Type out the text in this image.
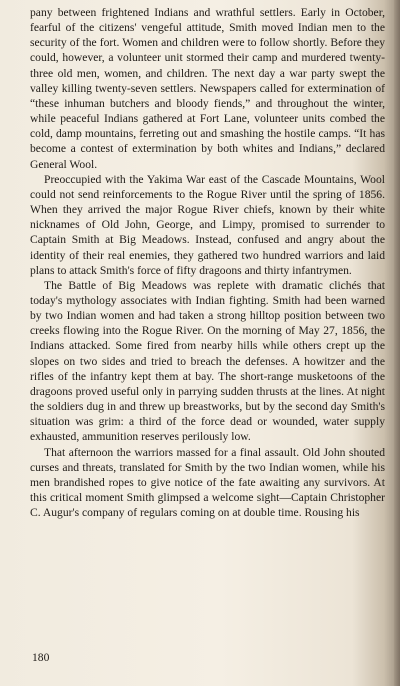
pany between frightened Indians and wrathful settlers. Early in October, fearful of the citizens' vengeful attitude, Smith moved Indian men to the security of the fort. Women and children were to follow shortly. Before they could, however, a volunteer unit stormed their camp and murdered twenty-three old men, women, and children. The next day a war party swept the valley killing twenty-seven settlers. Newspapers called for extermination of “these inhuman butchers and bloody fiends,” and throughout the winter, while peaceful Indians gathered at Fort Lane, volunteer units combed the cold, damp mountains, ferreting out and smashing the hostile camps. “It has become a contest of extermination by both whites and Indians,” declared General Wool.

Preoccupied with the Yakima War east of the Cascade Mountains, Wool could not send reinforcements to the Rogue River until the spring of 1856. When they arrived the major Rogue River chiefs, known by their white nicknames of Old John, George, and Limpy, promised to surrender to Captain Smith at Big Meadows. Instead, confused and angry about the identity of their real enemies, they gathered two hundred warriors and laid plans to attack Smith's force of fifty dragoons and thirty infantrymen.

The Battle of Big Meadows was replete with dramatic clichés that today's mythology associates with Indian fighting. Smith had been warned by two Indian women and had taken a strong hilltop position between two creeks flowing into the Rogue River. On the morning of May 27, 1856, the Indians attacked. Some fired from nearby hills while others crept up the slopes on two sides and tried to breach the defenses. A howitzer and the rifles of the infantry kept them at bay. The short-range musketoons of the dragoons proved useful only in parrying sudden thrusts at the lines. At night the soldiers dug in and threw up breastworks, but by the second day Smith's situation was grim: a third of the force dead or wounded, water supply exhausted, ammunition reserves perilously low.

That afternoon the warriors massed for a final assault. Old John shouted curses and threats, translated for Smith by the two Indian women, while his men brandished ropes to give notice of the fate awaiting any survivors. At this critical moment Smith glimpsed a welcome sight—Captain Christopher C. Augur's company of regulars coming on at double time. Rousing his

180
